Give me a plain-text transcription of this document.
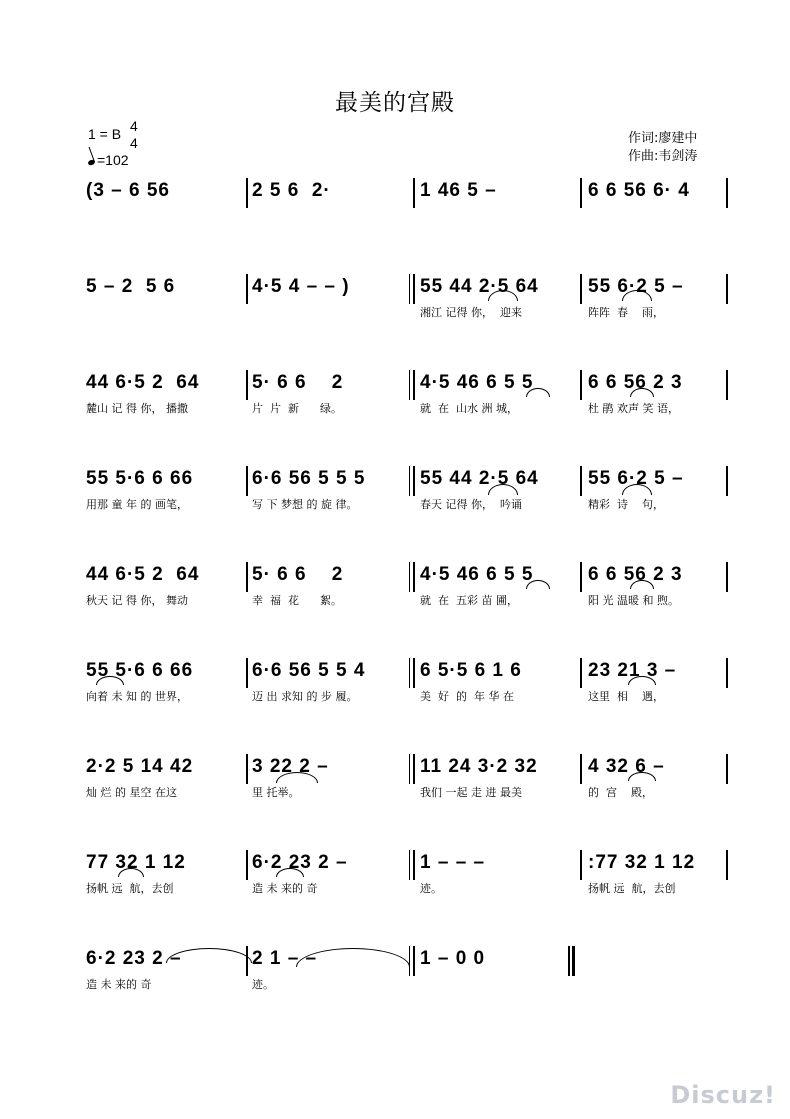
最美的宫殿
1 = B 4
4
=102
作词:廖建中
作曲:韦剑涛
(3 – 6 56	2 5 6  2·	1 46 5 –	6 6 56 6· 4
5 – 2  5 6	4·5 4 – – )	55 44 2·5 64
湘江 记得 你，  迎来
55 6·2 5 –
阵阵  春    雨，
44 6·5 2  64
麓山 记 得 你， 播撒
5· 6 6    2
片  片  新      绿。
4·5 46 6 5 5
就  在  山水 洲 城，
6 6 56 2 3
杜 鹃 欢声 笑 语，
55 5·6 6 66
用那 童 年 的 画笔，
6·6 56 5 5 5
写 下 梦想 的 旋 律。
55 44 2·5 64
春天 记得 你，  吟诵
55 6·2 5 –
精彩  诗    句，
44 6·5 2  64
秋天 记 得 你， 舞动
5· 6 6    2
幸  福  花      絮。
4·5 46 6 5 5
就  在  五彩 苗 圃，
6 6 56 2 3
阳 光 温暖 和 煦。
55 5·6 6 66
向着 未 知 的 世界，
6·6 56 5 5 4
迈 出 求知 的 步 履。
6 5·5 6 1 6
美  好  的  年 华 在
23 21 3 –
这里  相    遇，
2·2 5 14 42
灿 烂 的 星空 在这
3 22 2 –
里 托举。
11 24 3·2 32
我们 一起 走 进 最美
4 32 6 –
的  宫    殿，
77 32 1 12
扬帆 远  航，去创
6·2 23 2 –
造 未 来的 奇
1 – – –
迹。
:77 32 1 12
扬帆 远  航，去创
6·2 23 2 –
造 未 来的 奇
2 1 – –
迹。
1 – 0 0
Discuz!
